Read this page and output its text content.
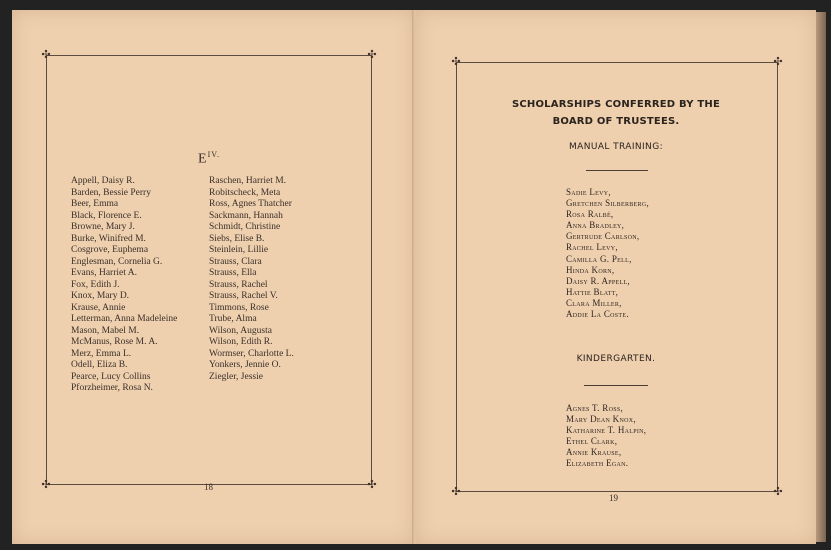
✣	✣
✣	✣
$E^{IV.}$
Appell, Daisy R.
Barden, Bessie Perry
Beer, Emma
Black, Florence E.
Browne, Mary J.
Burke, Winifred M.
Cosgrove, Euphema
Englesman, Cornelia G.
Evans, Harriet A.
Fox, Edith J.
Knox, Mary D.
Krause, Annie
Letterman, Anna Madeleine
Mason, Mabel M.
McManus, Rose M. A.
Merz, Emma L.
Odell, Eliza B.
Pearce, Lucy Collins
Pforzheimer, Rosa N.
Raschen, Harriet M.
Robitscheck, Meta
Ross, Agnes Thatcher
Sackmann, Hannah
Schmidt, Christine
Siebs, Elise B.
Steinlein, Lillie
Strauss, Clara
Strauss, Ella
Strauss, Rachel
Strauss, Rachel V.
Timmons, Rose
Trube, Alma
Wilson, Augusta
Wilson, Edith R.
Wormser, Charlotte L.
Yonkers, Jennie O.
Ziegler, Jessie
18
✣	✣
✣	✣
SCHOLARSHIPS CONFERRED BY THE
BOARD OF TRUSTEES.
MANUAL TRAINING:
Sadie Levy,
Gretchen Silberberg,
Rosa Ralbé,
Anna Bradley,
Gertrude Carlson,
Rachel Levy,
Camilla G. Pell,
Hinda Korn,
Daisy R. Appell,
Hattie Blatt,
Clara Miller,
Addie La Coste.
KINDERGARTEN.
Agnes T. Ross,
Mary Dean Knox,
Katharine T. Halpin,
Ethel Clark,
Annie Krause,
Elizabeth Egan.
19
